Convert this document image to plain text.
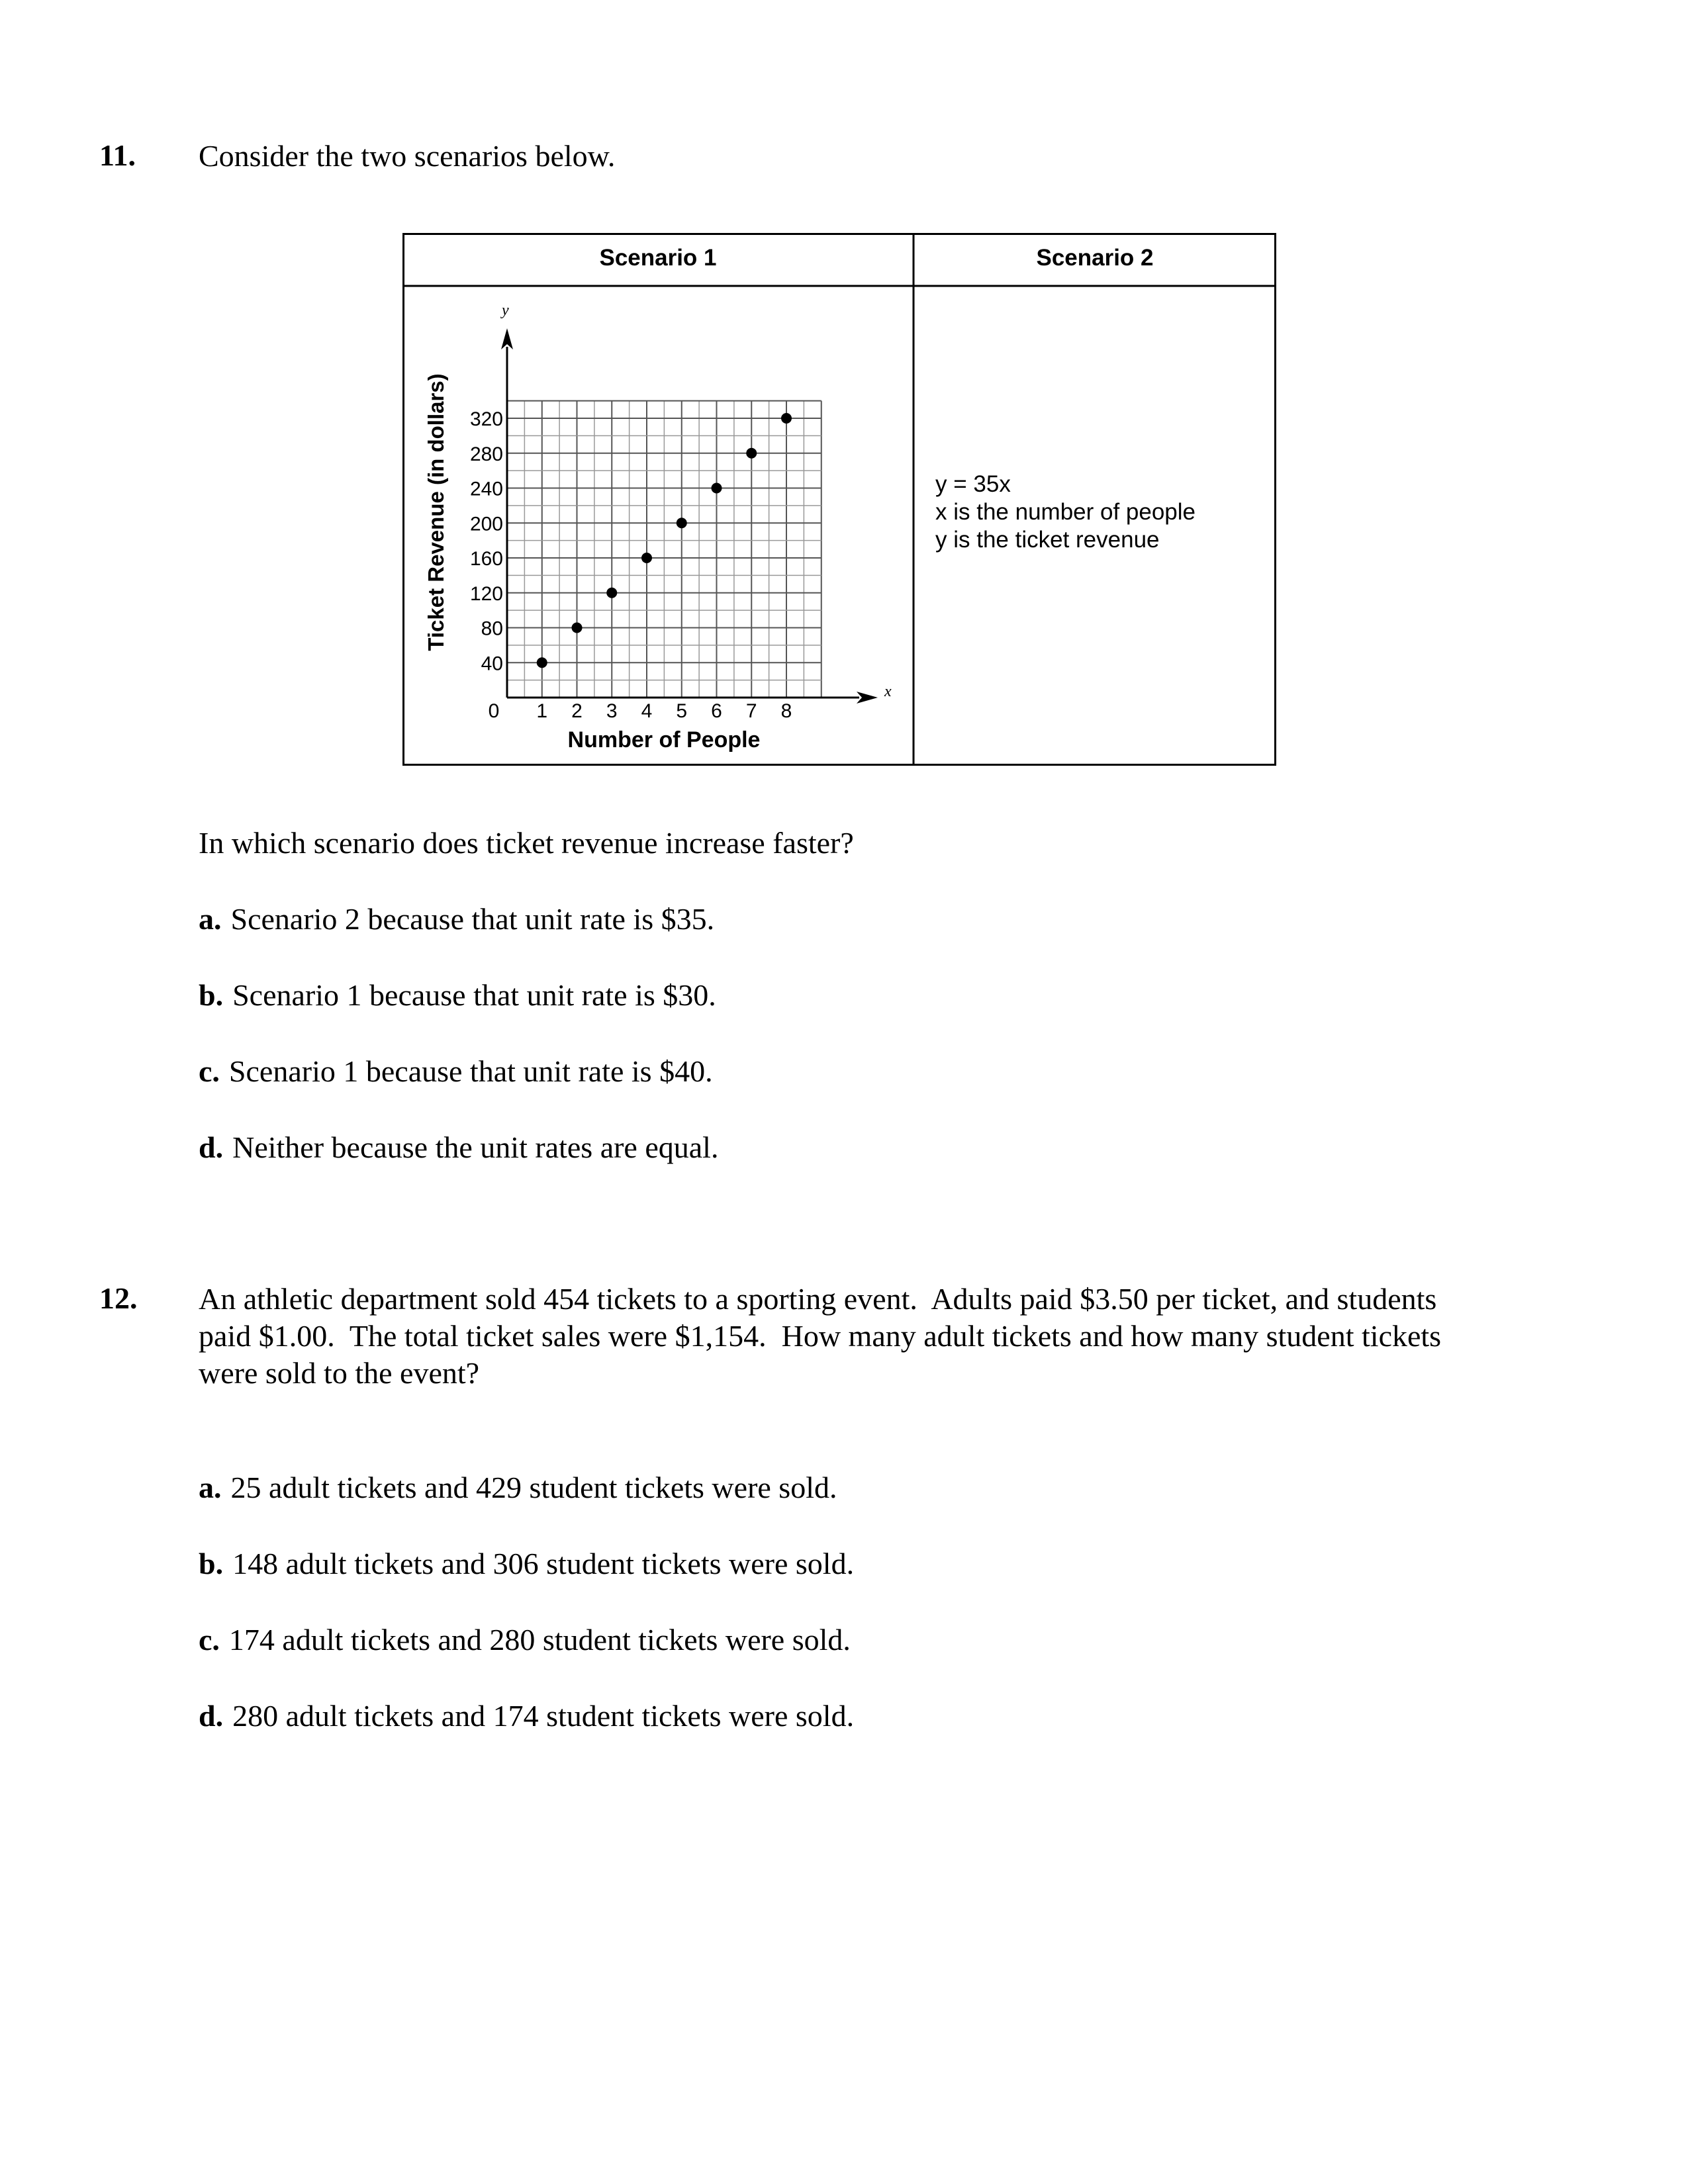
11. Consider the two scenarios below.
Scenario 1	Scenario 2
x
y
0
Number of People
Ticket Revenue (in dollars)
1 2 3 4 5 6 7 8
40
80
120
160
200
240
280
320
y = 35x
x is the number of people
y is the ticket revenue
In which scenario does ticket revenue increase faster?
a. Scenario 2 because that unit rate is $35.
b. Scenario 1 because that unit rate is $30.
c. Scenario 1 because that unit rate is $40.
d. Neither because the unit rates are equal.
12. An athletic department sold 454 tickets to a sporting event.  Adults paid $3.50 per ticket, and students
paid $1.00.  The total ticket sales were $1,154.  How many adult tickets and how many student tickets
were sold to the event?
a. 25 adult tickets and 429 student tickets were sold.
b. 148 adult tickets and 306 student tickets were sold.
c. 174 adult tickets and 280 student tickets were sold.
d. 280 adult tickets and 174 student tickets were sold.
